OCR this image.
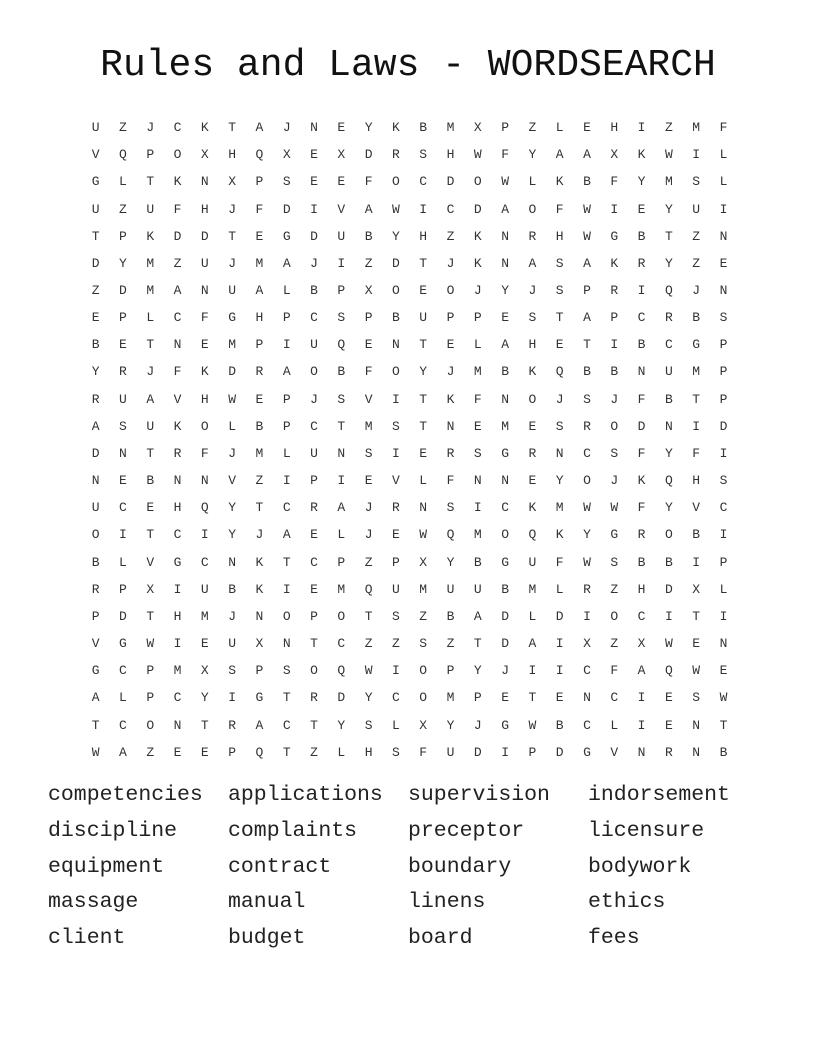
Rules and Laws - WORDSEARCH
U	Z	J	C	K	T	A	J	N	E	Y	K	B	M	X	P	Z	L	E	H	I	Z	M	F
V	Q	P	O	X	H	Q	X	E	X	D	R	S	H	W	F	Y	A	A	X	K	W	I	L
G	L	T	K	N	X	P	S	E	E	F	O	C	D	O	W	L	K	B	F	Y	M	S	L
U	Z	U	F	H	J	F	D	I	V	A	W	I	C	D	A	O	F	W	I	E	Y	U	I
T	P	K	D	D	T	E	G	D	U	B	Y	H	Z	K	N	R	H	W	G	B	T	Z	N
D	Y	M	Z	U	J	M	A	J	I	Z	D	T	J	K	N	A	S	A	K	R	Y	Z	E
Z	D	M	A	N	U	A	L	B	P	X	O	E	O	J	Y	J	S	P	R	I	Q	J	N
E	P	L	C	F	G	H	P	C	S	P	B	U	P	P	E	S	T	A	P	C	R	B	S
B	E	T	N	E	M	P	I	U	Q	E	N	T	E	L	A	H	E	T	I	B	C	G	P
Y	R	J	F	K	D	R	A	O	B	F	O	Y	J	M	B	K	Q	B	B	N	U	M	P
R	U	A	V	H	W	E	P	J	S	V	I	T	K	F	N	O	J	S	J	F	B	T	P
A	S	U	K	O	L	B	P	C	T	M	S	T	N	E	M	E	S	R	O	D	N	I	D
D	N	T	R	F	J	M	L	U	N	S	I	E	R	S	G	R	N	C	S	F	Y	F	I
N	E	B	N	N	V	Z	I	P	I	E	V	L	F	N	N	E	Y	O	J	K	Q	H	S
U	C	E	H	Q	Y	T	C	R	A	J	R	N	S	I	C	K	M	W	W	F	Y	V	C
O	I	T	C	I	Y	J	A	E	L	J	E	W	Q	M	O	Q	K	Y	G	R	O	B	I
B	L	V	G	C	N	K	T	C	P	Z	P	X	Y	B	G	U	F	W	S	B	B	I	P
R	P	X	I	U	B	K	I	E	M	Q	U	M	U	U	B	M	L	R	Z	H	D	X	L
P	D	T	H	M	J	N	O	P	O	T	S	Z	B	A	D	L	D	I	O	C	I	T	I
V	G	W	I	E	U	X	N	T	C	Z	Z	S	Z	T	D	A	I	X	Z	X	W	E	N
G	C	P	M	X	S	P	S	O	Q	W	I	O	P	Y	J	I	I	C	F	A	Q	W	E
A	L	P	C	Y	I	G	T	R	D	Y	C	O	M	P	E	T	E	N	C	I	E	S	W
T	C	O	N	T	R	A	C	T	Y	S	L	X	Y	J	G	W	B	C	L	I	E	N	T
W	A	Z	E	E	P	Q	T	Z	L	H	S	F	U	D	I	P	D	G	V	N	R	N	B
competencies	applications	supervision	indorsement
discipline	complaints	preceptor	licensure
equipment	contract	boundary	bodywork
massage	manual	linens	ethics
client	budget	board	fees
